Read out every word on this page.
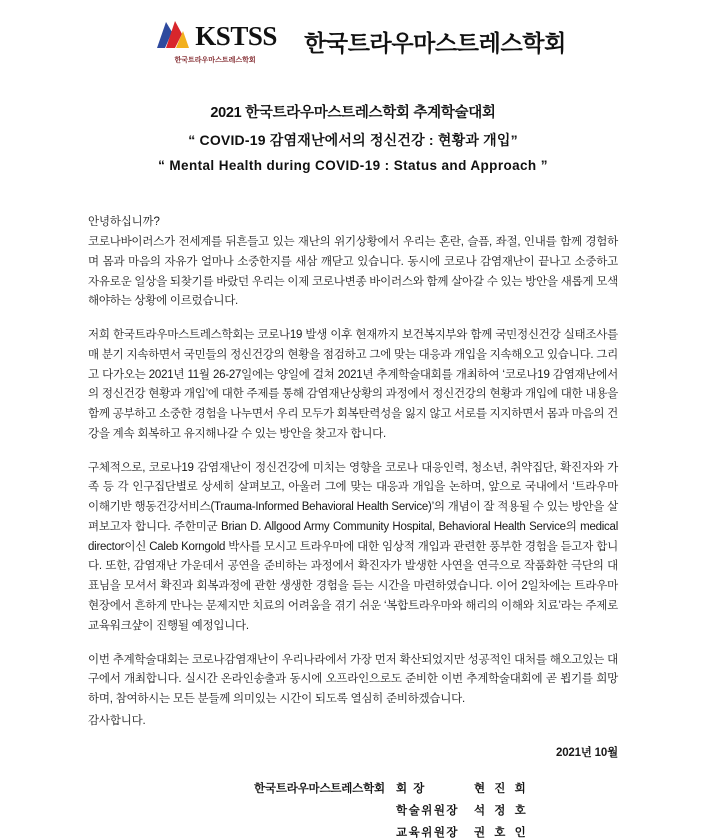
KSTSS
한국트라우마스트레스학회
한국트라우마스트레스학회
2021 한국트라우마스트레스학회 추계학술대회
“ COVID-19 감염재난에서의 정신건강 : 현황과 개입”
“ Mental Health during COVID-19 : Status and Approach ”
안녕하십니까?

코로나바이러스가 전세계를 뒤흔들고 있는 재난의 위기상황에서 우리는 혼란, 슬픔, 좌절, 인내를 함께 경험하며 몸과 마음의 자유가 얼마나 소중한지를 새삼 깨닫고 있습니다. 동시에 코로나 감염재난이 끝나고 소중하고 자유로운 일상을 되찾기를 바랐던 우리는 이제 코로나변종 바이러스와 함께 살아갈 수 있는 방안을 새롭게 모색해야하는 상황에 이르렀습니다.

저희 한국트라우마스트레스학회는 코로나19 발생 이후 현재까지 보건복지부와 함께 국민정신건강 실태조사를 매 분기 지속하면서 국민들의 정신건강의 현황을 점검하고 그에 맞는 대응과 개입을 지속해오고 있습니다. 그리고 다가오는 2021년 11월 26-27일에는 양일에 걸쳐 2021년 추계학술대회를 개최하여 ‘코로나19 감염재난에서의 정신건강 현황과 개입’에 대한 주제를 통해 감염재난상황의 과정에서 정신건강의 현황과 개입에 대한 내용을 함께 공부하고 소중한 경험을 나누면서 우리 모두가 회복탄력성을 잃지 않고 서로를 지지하면서 몸과 마음의 건강을 계속 회복하고 유지해나갈 수 있는 방안을 찾고자 합니다.

구체적으로, 코로나19 감염재난이 정신건강에 미치는 영향을 코로나 대응인력, 청소년, 취약집단, 확진자와 가족 등 각 인구집단별로 상세히 살펴보고, 아울러 그에 맞는 대응과 개입을 논하며, 앞으로 국내에서 ‘트라우마 이해기반 행동건강서비스(Trauma-Informed Behavioral Health Service)’의 개념이 잘 적용될 수 있는 방안을 살펴보고자 합니다. 주한미군 Brian D. Allgood Army Community Hospital, Behavioral Health Service의 medical director이신 Caleb Korngold 박사를 모시고 트라우마에 대한 임상적 개입과 관련한 풍부한 경험을 듣고자 합니다. 또한, 감염재난 가운데서 공연을 준비하는 과정에서 확진자가 발생한 사연을 연극으로 작품화한 극단의 대표님을 모셔서 확진과 회복과정에 관한 생생한 경험을 듣는 시간을 마련하였습니다. 이어 2일차에는 트라우마 현장에서 흔하게 만나는 문제지만 치료의 어려움을 겪기 쉬운 ‘복합트라우마와 해리의 이해와 치료’라는 주제로 교육워크샾이 진행될 예정입니다.

이번 추계학술대회는 코로나감염재난이 우리나라에서 가장 먼저 확산되었지만 성공적인 대처를 해오고있는 대구에서 개최합니다. 실시간 온라인송출과 동시에 오프라인으로도 준비한 이번 추계학술대회에 곧 뵙기를 희망하며, 참여하시는 모든 분들께 의미있는 시간이 되도록 열심히 준비하겠습니다.

감사합니다.
2021년 10월
한국트라우마스트레스학회 회 장	현 진 희
학술위원장	석 정 호
교육위원장	권 호 인
